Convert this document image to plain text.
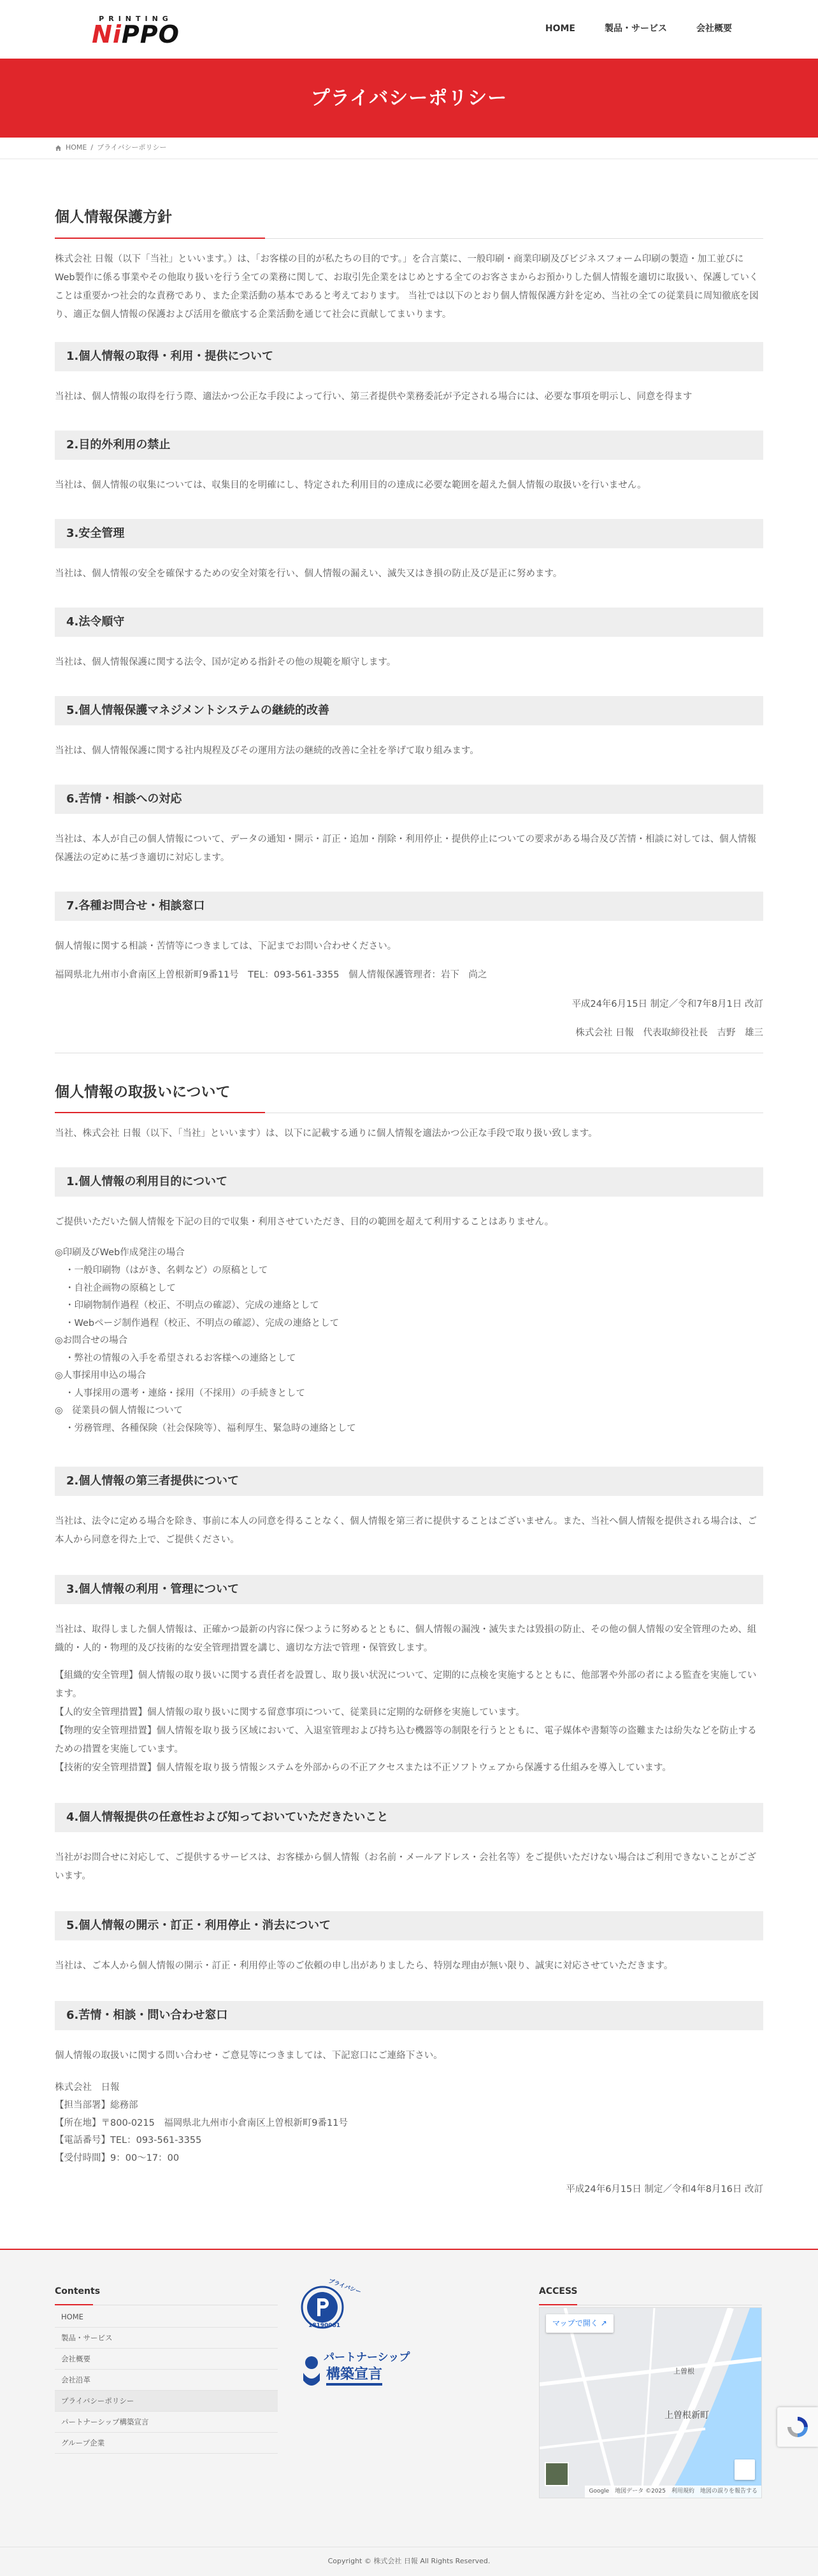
PRINTING
NiPPO	HOME	製品・サービス	会社概要
プライバシーポリシー
HOME / プライバシーポリシー
個人情報保護方針

株式会社 日報（以下「当社」といいます。）は、「お客様の目的が私たちの目的です。」を合言葉に、一般印刷・商業印刷及びビジネスフォーム印刷の製造・加工並びにWeb製作に係る事業やその他取り扱いを行う全ての業務に関して、お取引先企業をはじめとする全てのお客さまからお預かりした個人情報を適切に取扱い、保護していくことは重要かつ社会的な責務であり、また企業活動の基本であると考えております。 当社では以下のとおり個人情報保護方針を定め、当社の全ての従業員に周知徹底を図り、適正な個人情報の保護および活用を徹底する企業活動を通じて社会に貢献してまいります。

1.個人情報の取得・利用・提供について

当社は、個人情報の取得を行う際、適法かつ公正な手段によって行い、第三者提供や業務委託が予定される場合には、必要な事項を明示し、同意を得ます

2.目的外利用の禁止

当社は、個人情報の収集については、収集目的を明確にし、特定された利用目的の達成に必要な範囲を超えた個人情報の取扱いを行いません。

3.安全管理

当社は、個人情報の安全を確保するための安全対策を行い、個人情報の漏えい、滅失又はき損の防止及び是正に努めます。

4.法令順守

当社は、個人情報保護に関する法令、国が定める指針その他の規範を順守します。

5.個人情報保護マネジメントシステムの継続的改善

当社は、個人情報保護に関する社内規程及びその運用方法の継続的改善に全社を挙げて取り組みます。

6.苦情・相談への対応

当社は、本人が自己の個人情報について、データの通知・開示・訂正・追加・削除・利用停止・提供停止についての要求がある場合及び苦情・相談に対しては、個人情報保護法の定めに基づき適切に対応します。

7.各種お問合せ・相談窓口

個人情報に関する相談・苦情等につきましては、下記までお問い合わせください。

福岡県北九州市小倉南区上曽根新町9番11号　TEL：093-561-3355　個人情報保護管理者：岩下　尚之

平成24年6月15日 制定／令和7年8月1日 改訂

株式会社 日報　代表取締役社長　吉野　雄三

個人情報の取扱いについて

当社、株式会社 日報（以下、「当社」といいます）は、以下に記載する通りに個人情報を適法かつ公正な手段で取り扱い致します。

1.個人情報の利用目的について

ご提供いただいた個人情報を下記の目的で収集・利用させていただき、目的の範囲を超えて利用することはありません。

◎印刷及びWeb作成発注の場合
・一般印刷物（はがき、名刺など）の原稿として
・自社企画物の原稿として
・印刷物制作過程（校正、不明点の確認）、完成の連絡として
・Webページ制作過程（校正、不明点の確認）、完成の連絡として
◎お問合せの場合
・弊社の情報の入手を希望されるお客様への連絡として
◎人事採用申込の場合
・人事採用の選考・連絡・採用（不採用）の手続きとして
◎　従業員の個人情報について
・労務管理、各種保険（社会保険等）、福利厚生、緊急時の連絡として
2.個人情報の第三者提供について

当社は、法令に定める場合を除き、事前に本人の同意を得ることなく、個人情報を第三者に提供することはございません。また、当社へ個人情報を提供される場合は、ご本人から同意を得た上で、ご提供ください。

3.個人情報の利用・管理について

当社は、取得しました個人情報は、正確かつ最新の内容に保つように努めるとともに、個人情報の漏洩・滅失または毀損の防止、その他の個人情報の安全管理のため、組織的・人的・物理的及び技術的な安全管理措置を講じ、適切な方法で管理・保管致します。

【組織的安全管理】個人情報の取り扱いに関する責任者を設置し、取り扱い状況について、定期的に点検を実施するとともに、他部署や外部の者による監査を実施しています。

【人的安全管理措置】個人情報の取り扱いに関する留意事項について、従業員に定期的な研修を実施しています。

【物理的安全管理措置】個人情報を取り扱う区域において、入退室管理および持ち込む機器等の制限を行うとともに、電子媒体や書類等の盗難または紛失などを防止するための措置を実施しています。

【技術的安全管理措置】個人情報を取り扱う情報システムを外部からの不正アクセスまたは不正ソフトウェアから保護する仕組みを導入しています。

4.個人情報提供の任意性および知っておいていただきたいこと

当社がお問合せに対応して、ご提供するサービスは、お客様から個人情報（お名前・メールアドレス・会社名等）をご提供いただけない場合はご利用できないことがございます。

5.個人情報の開示・訂正・利用停止・消去について

当社は、ご本人から個人情報の開示・訂正・利用停止等のご依頼の申し出がありましたら、特別な理由が無い限り、誠実に対応させていただきます。

6.苦情・相談・問い合わせ窓口

個人情報の取扱いに関する問い合わせ・ご意見等につきましては、下記窓口にご連絡下さい。

株式会社　日報
【担当部署】総務部
【所在地】〒800-0215　福岡県北九州市小倉南区上曽根新町9番11号
【電話番号】TEL：093-561-3355
【受付時間】9：00〜17：00

平成24年6月15日 制定／令和4年8月16日 改訂

Contents
HOME
製品・サービス
会社概要
会社沿革
プライバシーポリシー
パートナーシップ構築宣言
グループ企業
プライバシー
18190081
パートナーシップ
構築宣言
ACCESS
マップで開く ↗
上曽根
上曽根新町
Google　地図データ ©2025　利用規約　地図の誤りを報告する
Copyright © 株式会社 日報 All Rights Reserved.
